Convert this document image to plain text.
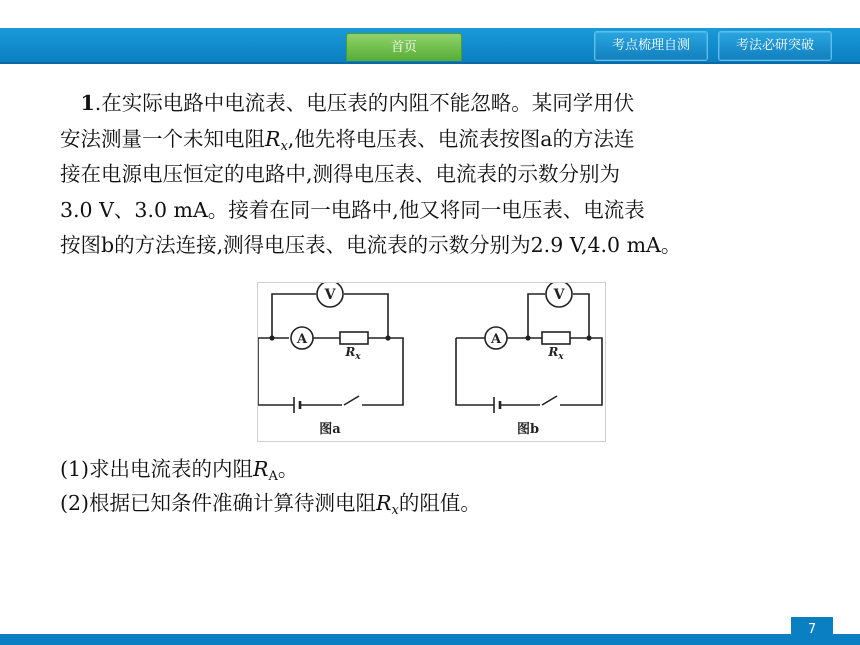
首页	考点梳理自测	考法必研突破

 1.在实际电路中电流表、电压表的内阻不能忽略。某同学用伏

安法测量一个未知电阻$R_x$,他先将电压表、电流表按图a的方法连

接在电源电压恒定的电路中,测得电压表、电流表的示数分别为

3.0 V、3.0 mA。接着在同一电路中,他又将同一电压表、电流表

按图b的方法连接,测得电压表、电流表的示数分别为2.9 V,4.0 mA。

V
A
$R_x$
图a
V
A
$R_x$
图b

(1)求出电流表的内阻$R_A$。

(2)根据已知条件准确计算待测电阻$R_x$的阻值。

7
